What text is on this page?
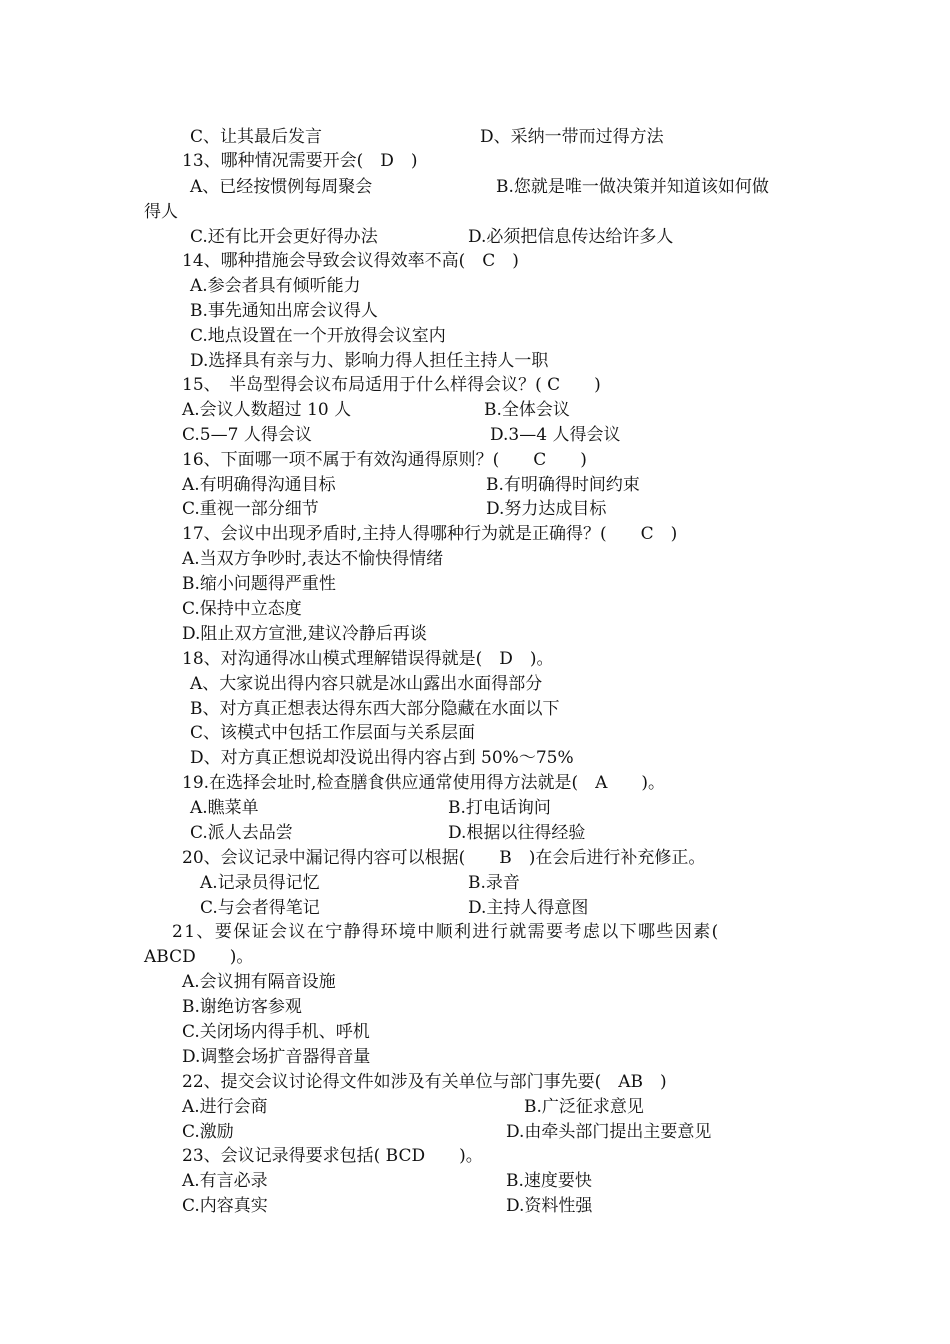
C、让其最后发言	D、采纳一带而过得方法
13、哪种情况需要开会(　D　)
A、已经按惯例每周聚会	B.您就是唯一做决策并知道该如何做
得人
C.还有比开会更好得办法	D.必须把信息传达给许多人
14、哪种措施会导致会议得效率不高(　C　)
A.参会者具有倾听能力
B.事先通知出席会议得人
C.地点设置在一个开放得会议室内
D.选择具有亲与力、影响力得人担任主持人一职
15、　半岛型得会议布局适用于什么样得会议？( C　　)
A.会议人数超过 10 人	B.全体会议
C.5—7 人得会议	D.3—4 人得会议
16、下面哪一项不属于有效沟通得原则？(　　C　　)
A.有明确得沟通目标	B.有明确得时间约束
C.重视一部分细节	D.努力达成目标
17、会议中出现矛盾时,主持人得哪种行为就是正确得？(　　C　)
A.当双方争吵时,表达不愉快得情绪
B.缩小问题得严重性
C.保持中立态度
D.阻止双方宣泄,建议冷静后再谈
18、对沟通得冰山模式理解错误得就是(　D　)。
A、大家说出得内容只就是冰山露出水面得部分
B、对方真正想表达得东西大部分隐藏在水面以下
C、该模式中包括工作层面与关系层面
D、对方真正想说却没说出得内容占到 50%～75%
19.在选择会址时,检查膳食供应通常使用得方法就是(　A　　)。
A.瞧菜单	B.打电话询问
C.派人去品尝	D.根据以往得经验
20、会议记录中漏记得内容可以根据(　　B　)在会后进行补充修正。
A.记录员得记忆	B.录音
C.与会者得笔记	D.主持人得意图
21、要保证会议在宁静得环境中顺利进行就需要考虑以下哪些因素(
ABCD　　)。
A.会议拥有隔音设施
B.谢绝访客参观
C.关闭场内得手机、呼机
D.调整会场扩音器得音量
22、提交会议讨论得文件如涉及有关单位与部门事先要(　AB　)
A.进行会商	B.广泛征求意见
C.激励	D.由牵头部门提出主要意见
23、会议记录得要求包括( BCD　　)。
A.有言必录	B.速度要快
C.内容真实	D.资料性强
